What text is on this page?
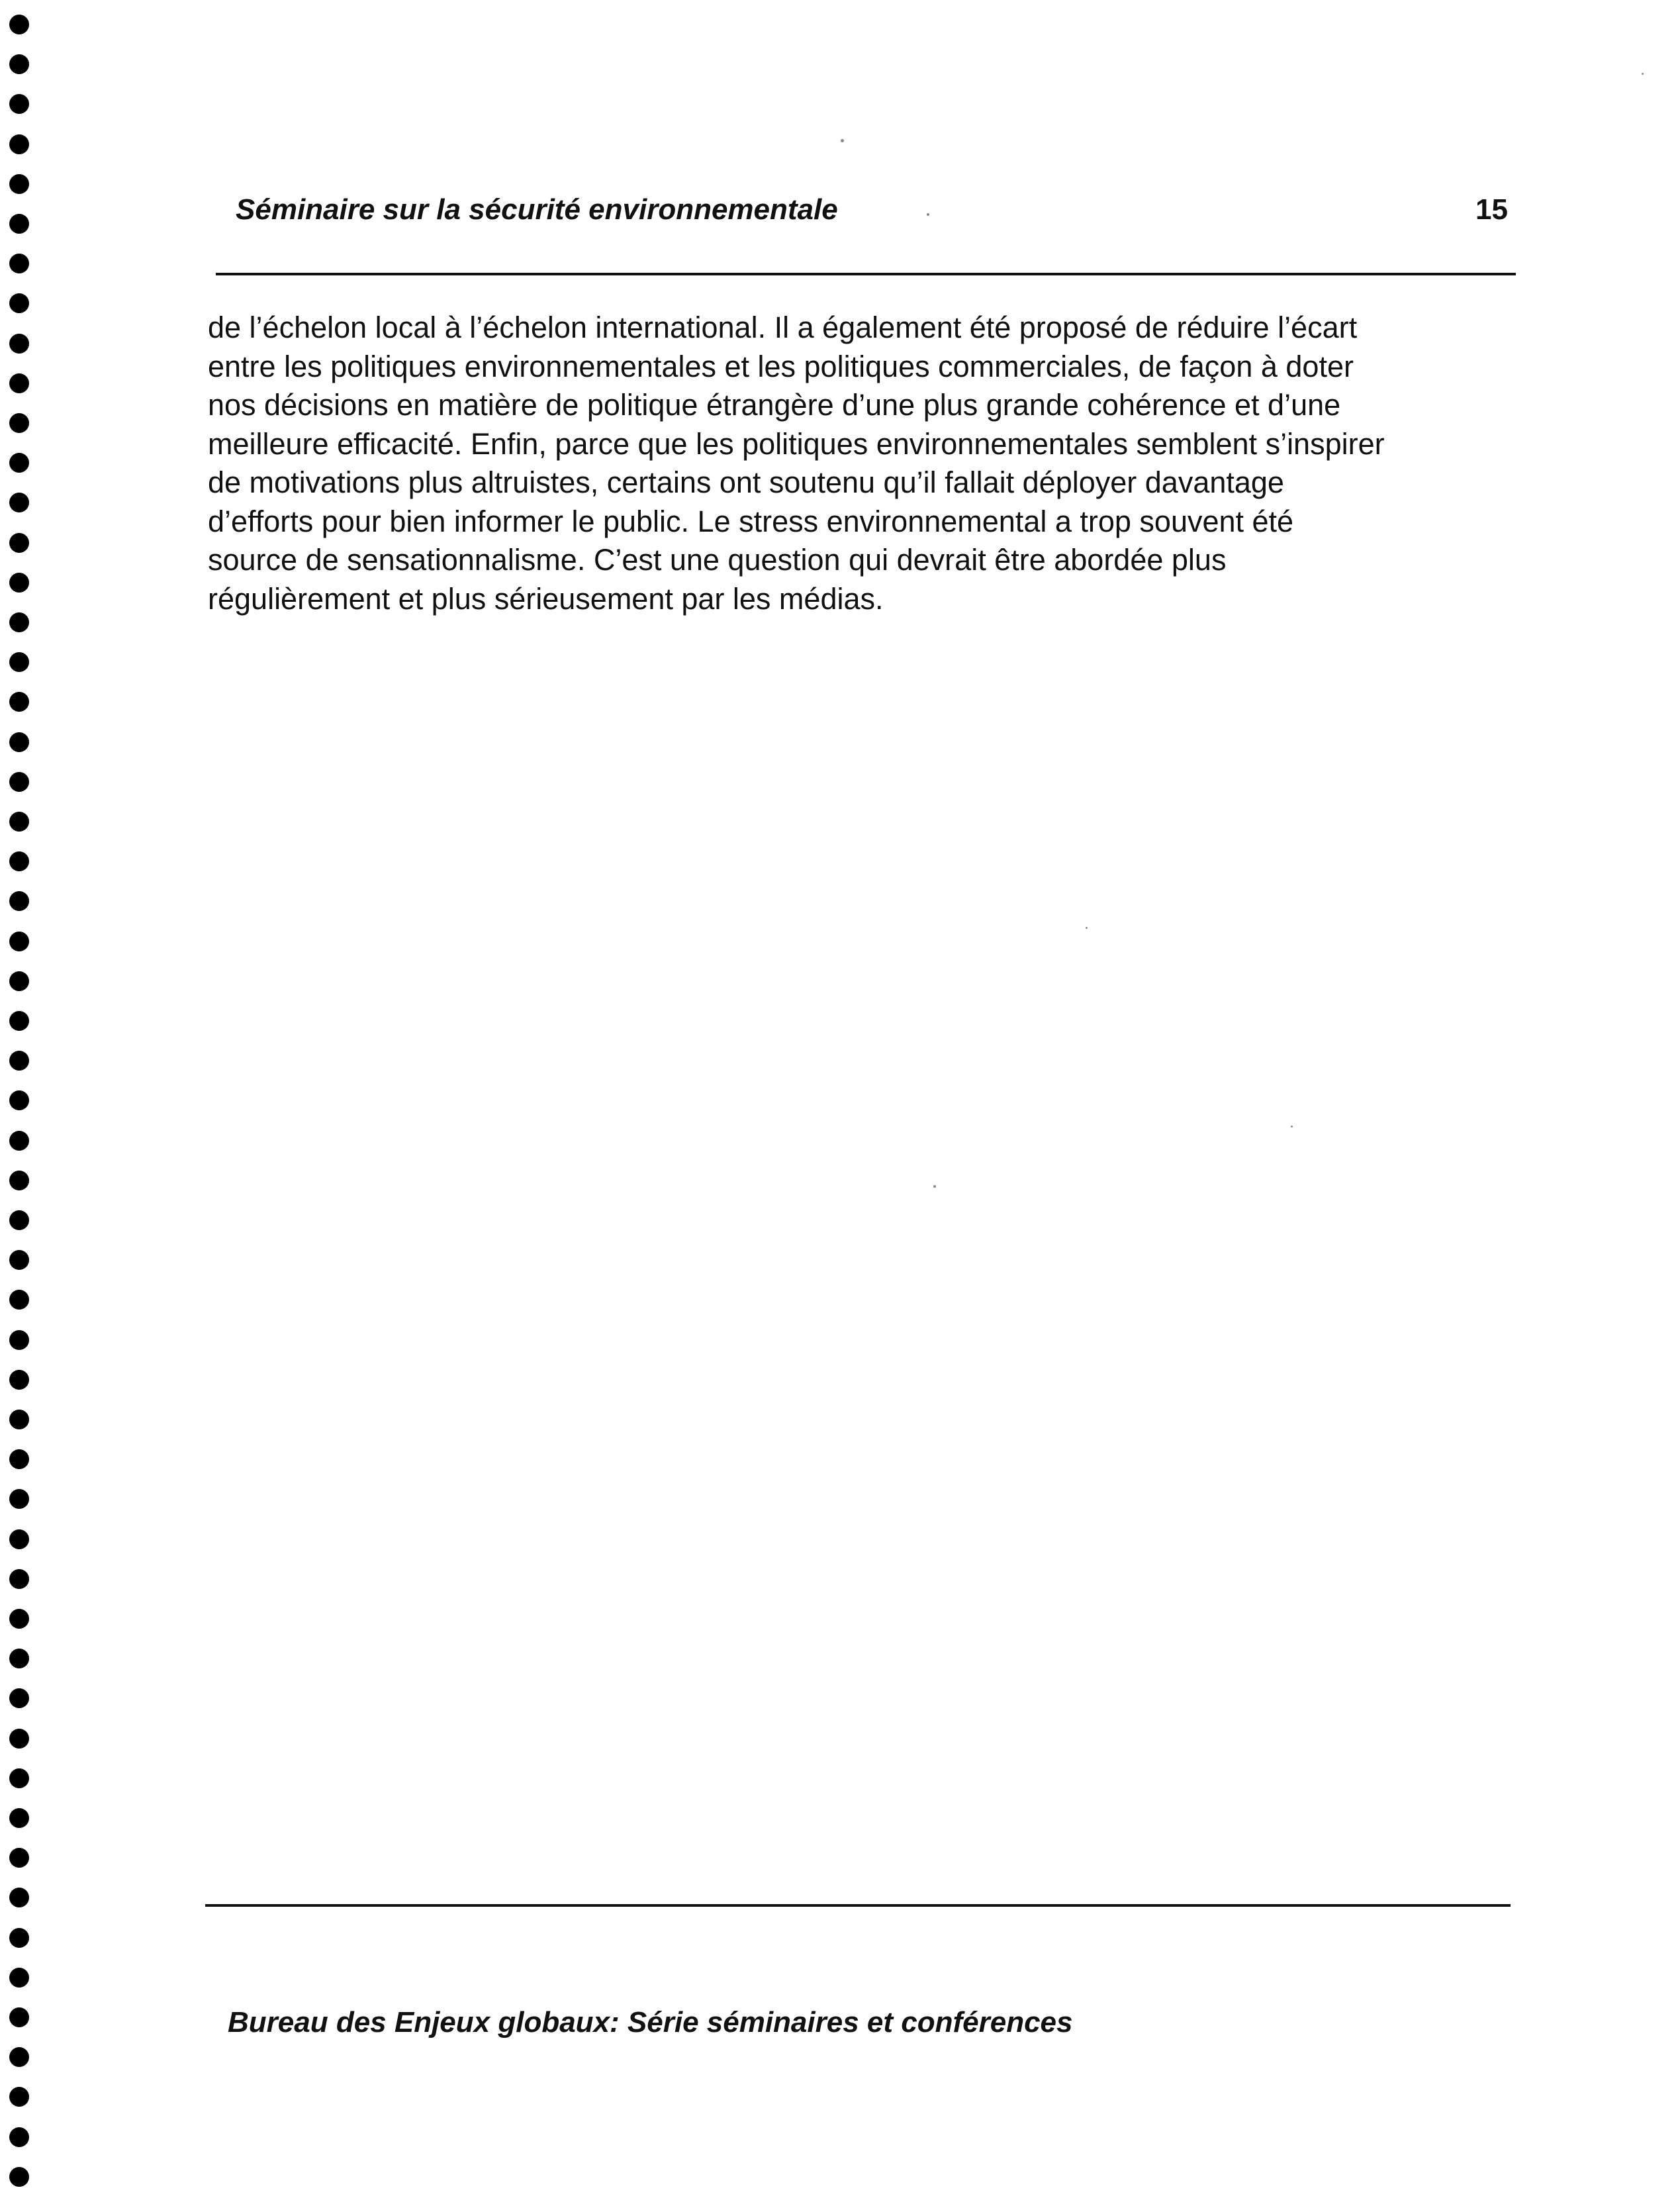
Séminaire sur la sécurité environnementale	15
de l’échelon local à l’échelon international. Il a également été proposé de réduire l’écart
entre les politiques environnementales et les politiques commerciales, de façon à doter
nos décisions en matière de politique étrangère d’une plus grande cohérence et d’une
meilleure efficacité. Enfin, parce que les politiques environnementales semblent s’inspirer
de motivations plus altruistes, certains ont soutenu qu’il fallait déployer davantage
d’efforts pour bien informer le public. Le stress environnemental a trop souvent été
source de sensationnalisme. C’est une question qui devrait être abordée plus
régulièrement et plus sérieusement par les médias.
Bureau des Enjeux globaux: Série séminaires et conférences
